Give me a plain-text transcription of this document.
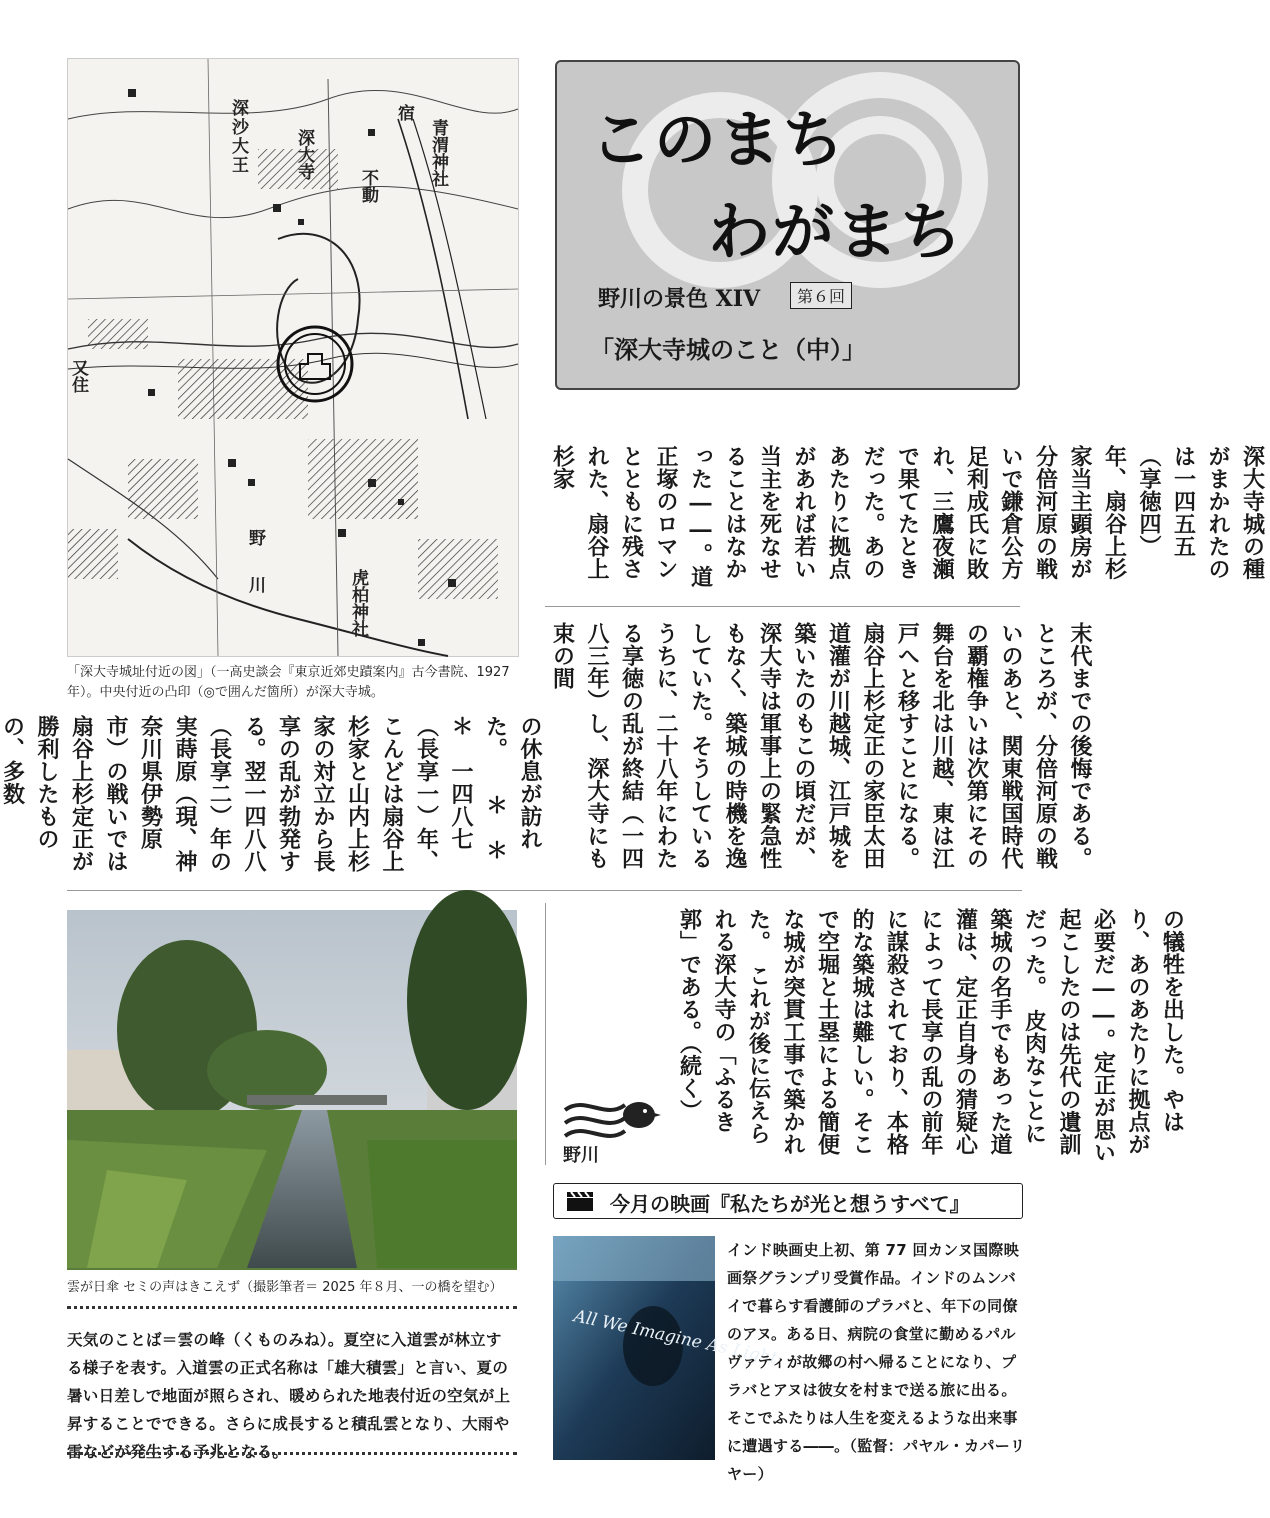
深沙大王	深大寺
又住
野川	虎柏神社
青渭神社
不動
宿
「深大寺城址付近の図」（一高史談会『東京近郊史蹟案内』古今書院、1927 年）。中央付近の凸印（◎で囲んだ箇所）が深大寺城。
このまち
わがまち
野川の景色 XIV	第６回
「深大寺城のこと（中）」
深大寺城の種がまかれたのは一四五五（享徳四）年、扇谷上杉家当主顕房が分倍河原の戦いで鎌倉公方足利成氏に敗れ、三鷹夜瀬で果てたときだった。あのあたりに拠点があれば若い当主を死なせることはなかった――。道正塚のロマンとともに残された、扇谷上杉家
末代までの後悔である。　ところが、分倍河原の戦いのあと、関東戦国時代の覇権争いは次第にその舞台を北は川越、東は江戸へと移すことになる。扇谷上杉定正の家臣太田道灌が川越城、江戸城を築いたのもこの頃だが、深大寺は軍事上の緊急性もなく、築城の時機を逸していた。そうしているうちに、二十八年にわたる享徳の乱が終結（一四八三年）し、深大寺にも束の間
の休息が訪れた。　　＊　＊　＊　一四八七（長享一）年、こんどは扇谷上杉家と山内上杉家の対立から長享の乱が勃発する。翌一四八八（長享二）年の実蒔原（現、神奈川県伊勢原市）の戦いでは扇谷上杉定正が勝利したものの、多数
の犠牲を出した。やはり、あのあたりに拠点が必要だ――。定正が思い起こしたのは先代の遺訓だった。　皮肉なことに築城の名手でもあった道灌は、定正自身の猜疑心によって長享の乱の前年に謀殺されており、本格的な築城は難しい。そこで空堀と土塁による簡便な城が突貫工事で築かれた。　これが後に伝えられる深大寺の「ふるき郭」である。（続く）
野川
雲が日傘 セミの声はきこえず（撮影筆者＝ 2025 年８月、一の橋を望む）
天気のことば＝雲の峰（くものみね）。夏空に入道雲が林立する様子を表す。入道雲の正式名称は「雄大積雲」と言い、夏の暑い日差しで地面が照らされ、暖められた地表付近の空気が上昇することでできる。さらに成長すると積乱雲となり、大雨や雷などが発生する予兆となる。
今月の映画『私たちが光と想うすべて』
All We Imagine As Light
インド映画史上初、第 77 回カンヌ国際映画祭グランプリ受賞作品。インドのムンバイで暮らす看護師のプラバと、年下の同僚のアヌ。ある日、病院の食堂に勤めるパルヴァティが故郷の村へ帰ることになり、プラバとアヌは彼女を村まで送る旅に出る。そこでふたりは人生を変えるような出来事に遭遇する――。（監督：パヤル・カパーリヤー）
